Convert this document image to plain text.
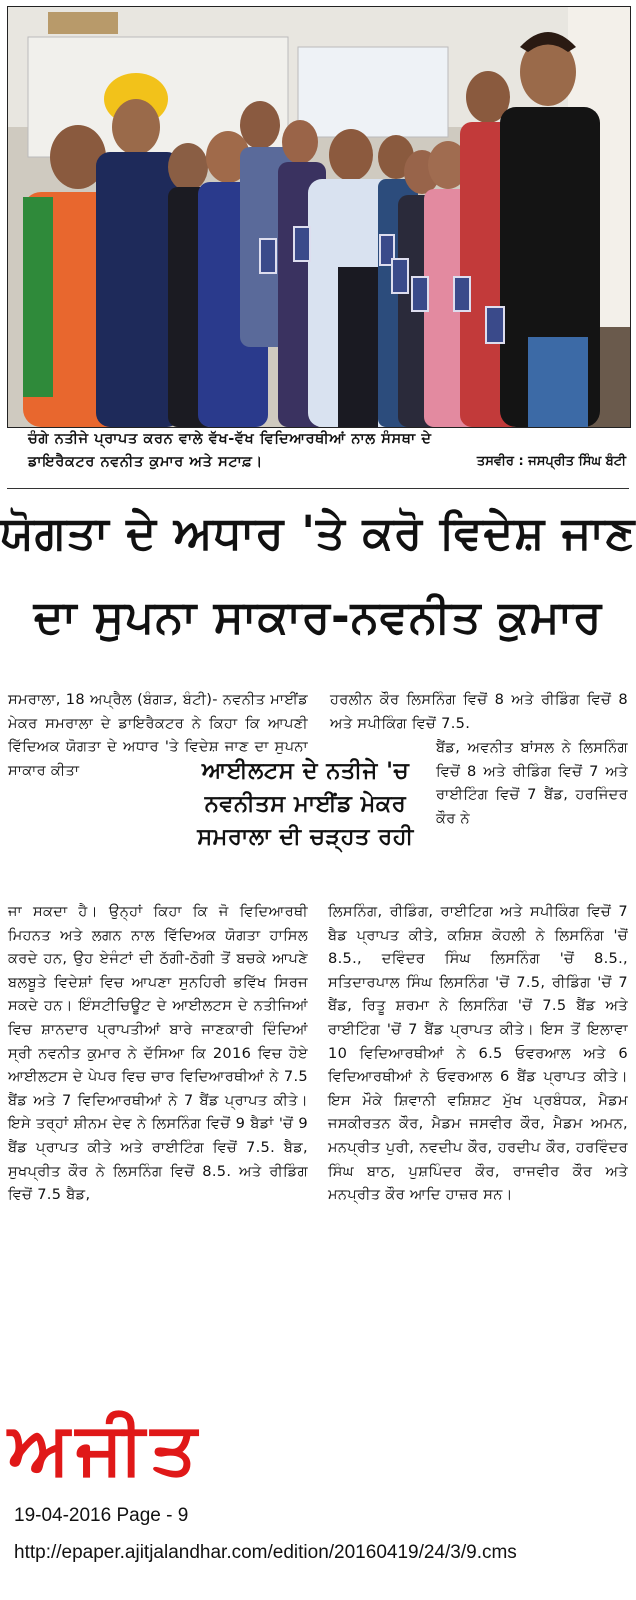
ਚੰਗੇ ਨਤੀਜੇ ਪ੍ਰਾਪਤ ਕਰਨ ਵਾਲੇ ਵੱਖ-ਵੱਖ ਵਿਦਿਆਰਥੀਆਂ ਨਾਲ ਸੰਸਥਾ ਦੇ
ਡਾਇਰੈਕਟਰ ਨਵਨੀਤ ਕੁਮਾਰ ਅਤੇ ਸਟਾਫ਼।	ਤਸਵੀਰ : ਜਸਪ੍ਰੀਤ ਸਿੰਘ ਬੰਟੀ
ਯੋਗਤਾ ਦੇ ਅਧਾਰ 'ਤੇ ਕਰੋ ਵਿਦੇਸ਼ ਜਾਣ
ਦਾ ਸੁਪਨਾ ਸਾਕਾਰ-ਨਵਨੀਤ ਕੁਮਾਰ

ਸਮਰਾਲਾ, 18 ਅਪ੍ਰੈਲ (ਬੰਗੜ, ਬੰਟੀ)- ਨਵਨੀਤ ਮਾਈਂਡ ਮੇਕਰ ਸਮਰਾਲਾ ਦੇ ਡਾਇਰੈਕਟਰ ਨੇ ਕਿਹਾ ਕਿ ਆਪਣੀ ਵਿੱਦਿਅਕ ਯੋਗਤਾ ਦੇ ਅਧਾਰ 'ਤੇ ਵਿਦੇਸ਼ ਜਾਣ ਦਾ ਸੁਪਨਾ ਸਾਕਾਰ ਕੀਤਾ	ਆਈਲਟਸ ਦੇ ਨਤੀਜੇ 'ਚ
ਨਵਨੀਤਸ ਮਾਈਂਡ ਮੇਕਰ
ਸਮਰਾਲਾ ਦੀ ਚੜ੍ਹਤ ਰਹੀ

ਜਾ ਸਕਦਾ ਹੈ। ਉਨ੍ਹਾਂ ਕਿਹਾ ਕਿ ਜੋ ਵਿਦਿਆਰਥੀ ਮਿਹਨਤ ਅਤੇ ਲਗਨ ਨਾਲ ਵਿੱਦਿਅਕ ਯੋਗਤਾ ਹਾਸਿਲ ਕਰਦੇ ਹਨ, ਉਹ ਏਜੰਟਾਂ ਦੀ ਠੱਗੀ-ਠੋਗੀ ਤੋਂ ਬਚਕੇ ਆਪਣੇ ਬਲਬੂਤੇ ਵਿਦੇਸ਼ਾਂ ਵਿਚ ਆਪਣਾ ਸੁਨਹਿਰੀ ਭਵਿੱਖ ਸਿਰਜ ਸਕਦੇ ਹਨ। ਇੰਸਟੀਚਿਊਟ ਦੇ ਆਈਲਟਸ ਦੇ ਨਤੀਜਿਆਂ ਵਿਚ ਸ਼ਾਨਦਾਰ ਪ੍ਰਾਪਤੀਆਂ ਬਾਰੇ ਜਾਣਕਾਰੀ ਦਿੰਦਿਆਂ ਸ੍ਰੀ ਨਵਨੀਤ ਕੁਮਾਰ ਨੇ ਦੱਸਿਆ ਕਿ 2016 ਵਿਚ ਹੋਏ ਆਈਲਟਸ ਦੇ ਪੇਪਰ ਵਿਚ ਚਾਰ ਵਿਦਿਆਰਥੀਆਂ ਨੇ 7.5 ਬੈਂਡ ਅਤੇ 7 ਵਿਦਿਆਰਥੀਆਂ ਨੇ 7 ਬੈਂਡ ਪ੍ਰਾਪਤ ਕੀਤੇ। ਇਸੇ ਤਰ੍ਹਾਂ ਸ਼ੀਨਮ ਦੇਵ ਨੇ ਲਿਸਨਿੰਗ ਵਿਚੋਂ 9 ਬੈਡਾਂ 'ਚੋਂ 9 ਬੈਂਡ ਪ੍ਰਾਪਤ ਕੀਤੇ ਅਤੇ ਰਾਈਟਿੰਗ ਵਿਚੋਂ 7.5. ਬੈਡ, ਸੁਖਪ੍ਰੀਤ ਕੌਰ ਨੇ ਲਿਸਨਿੰਗ ਵਿਚੋਂ 8.5. ਅਤੇ ਰੀਡਿੰਗ ਵਿਚੋਂ 7.5 ਬੈਡ,

ਹਰਲੀਨ ਕੌਰ ਲਿਸਨਿੰਗ ਵਿਚੋਂ 8 ਅਤੇ ਰੀਡਿੰਗ ਵਿਚੋਂ 8 ਅਤੇ ਸਪੀਕਿੰਗ ਵਿਚੋਂ 7.5.

ਬੈਂਡ, ਅਵਨੀਤ ਬਾਂਸਲ ਨੇ ਲਿਸਨਿੰਗ ਵਿਚੋਂ 8 ਅਤੇ ਰੀਡਿੰਗ ਵਿਚੋਂ 7 ਅਤੇ ਰਾਈਟਿੰਗ ਵਿਚੋਂ 7 ਬੈਂਡ, ਹਰਜਿੰਦਰ ਕੌਰ ਨੇ

ਲਿਸਨਿੰਗ, ਰੀਡਿੰਗ, ਰਾਈਟਿਗ ਅਤੇ ਸਪੀਕਿੰਗ ਵਿਚੋਂ 7 ਬੈਡ ਪ੍ਰਾਪਤ ਕੀਤੇ, ਕਸ਼ਿਸ਼ ਕੋਹਲੀ ਨੇ ਲਿਸਨਿੰਗ 'ਚੋਂ 8.5., ਦਵਿੰਦਰ ਸਿੰਘ ਲਿਸਨਿੰਗ 'ਚੋਂ 8.5., ਸਤਿਦਾਰਪਾਲ ਸਿੰਘ ਲਿਸਨਿੰਗ 'ਚੋਂ 7.5, ਰੀਡਿੰਗ 'ਚੋਂ 7 ਬੈਂਡ, ਰਿਤੂ ਸ਼ਰਮਾ ਨੇ ਲਿਸਨਿੰਗ 'ਚੋਂ 7.5 ਬੈਂਡ ਅਤੇ ਰਾਈਟਿੰਗ 'ਚੋਂ 7 ਬੈਂਡ ਪ੍ਰਾਪਤ ਕੀਤੇ। ਇਸ ਤੋਂ ਇਲਾਵਾ 10 ਵਿਦਿਆਰਥੀਆਂ ਨੇ 6.5 ਓਵਰਆਲ ਅਤੇ 6 ਵਿਦਿਆਰਥੀਆਂ ਨੇ ਓਵਰਆਲ 6 ਬੈਂਡ ਪ੍ਰਾਪਤ ਕੀਤੇ। ਇਸ ਮੌਕੇ ਸ਼ਿਵਾਨੀ ਵਸ਼ਿਸ਼ਟ ਮੁੱਖ ਪ੍ਰਬੰਧਕ, ਮੈਡਮ ਜਸਕੀਰਤਨ ਕੌਰ, ਮੈਡਮ ਜਸਵੀਰ ਕੌਰ, ਮੈਡਮ ਅਮਨ, ਮਨਪ੍ਰੀਤ ਪੁਰੀ, ਨਵਦੀਪ ਕੌਰ, ਹਰਦੀਪ ਕੌਰ, ਹਰਵਿੰਦਰ ਸਿੰਘ ਬਾਠ, ਪੁਸ਼ਪਿੰਦਰ ਕੌਰ, ਰਾਜਵੀਰ ਕੌਰ ਅਤੇ ਮਨਪ੍ਰੀਤ ਕੌਰ ਆਦਿ ਹਾਜ਼ਰ ਸਨ।

ਅਜੀਤ
19-04-2016 Page - 9
http://epaper.ajitjalandhar.com/edition/20160419/24/3/9.cms
